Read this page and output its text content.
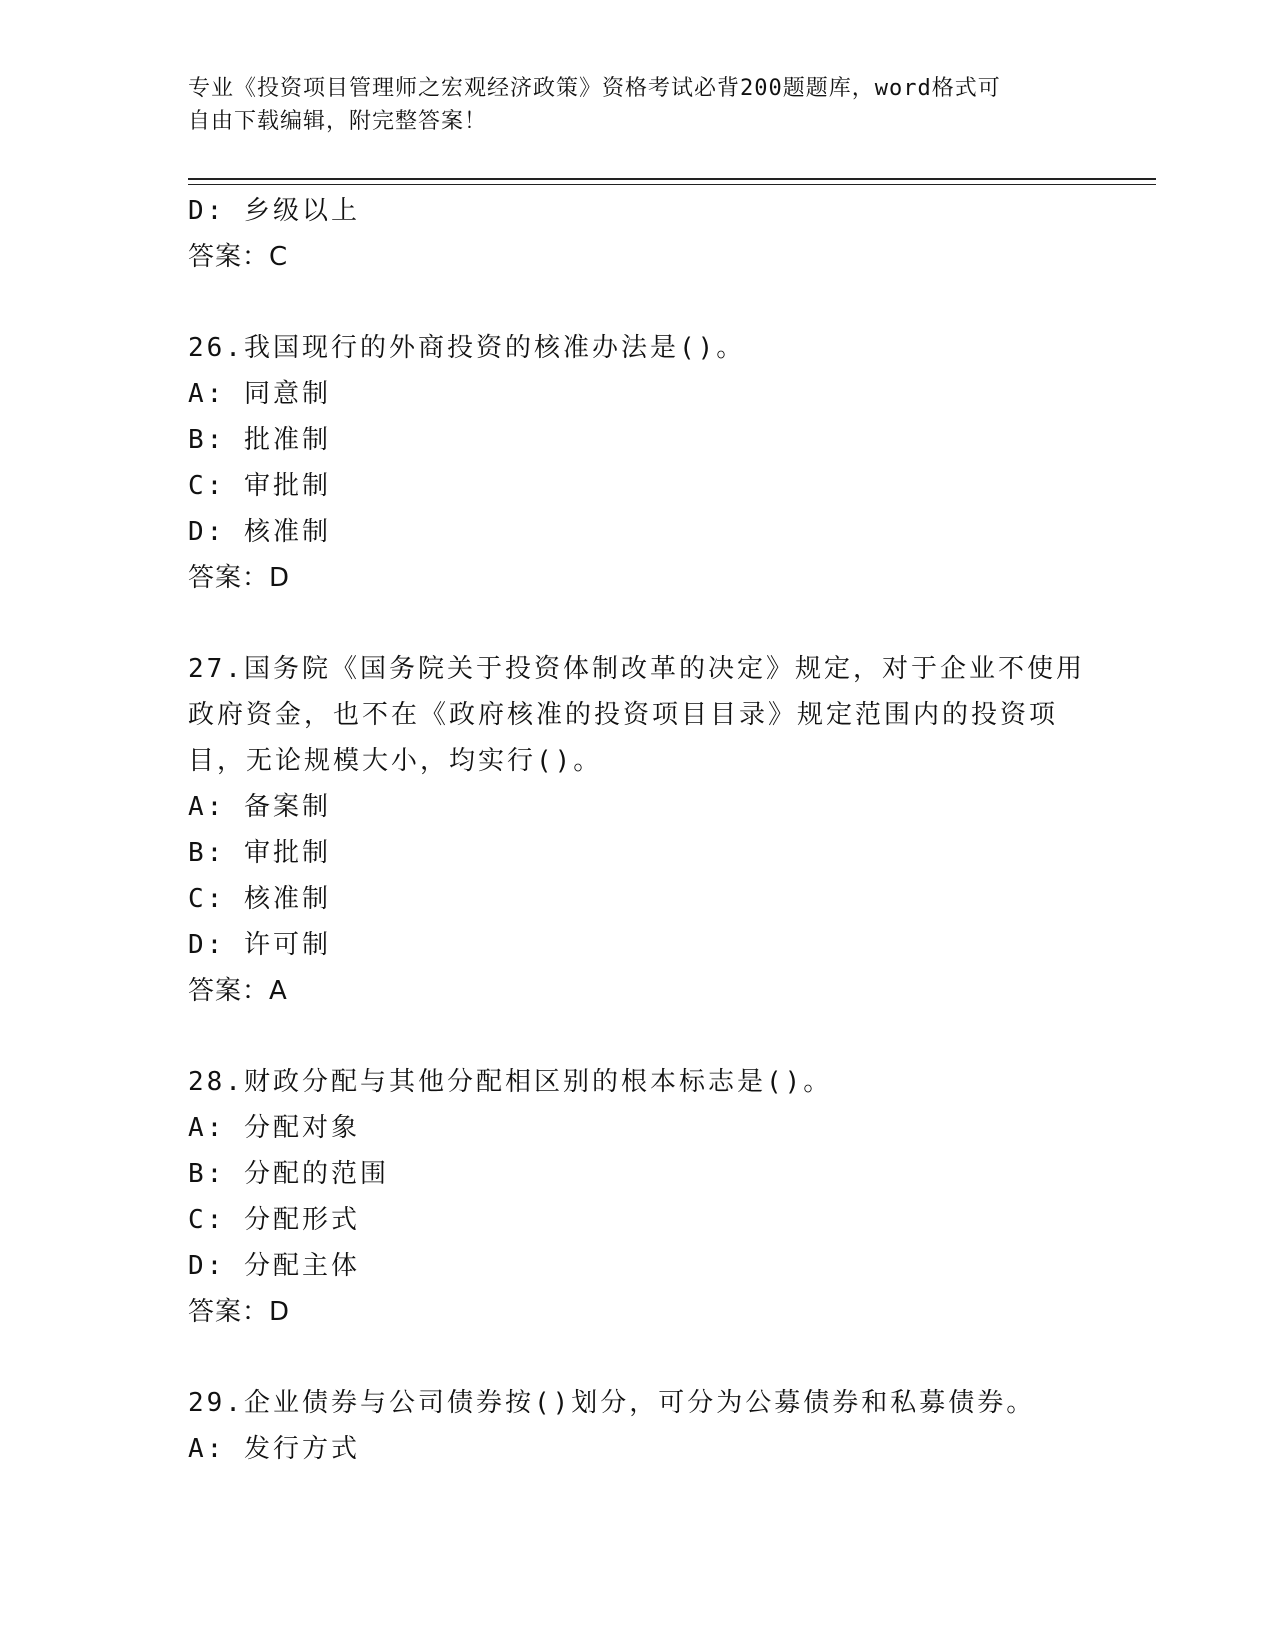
专业《投资项目管理师之宏观经济政策》资格考试必背200题题库，word格式可
自由下载编辑，附完整答案！
D: 乡级以上
答案：C
26.我国现行的外商投资的核准办法是()。
A: 同意制
B: 批准制
C: 审批制
D: 核准制
答案：D
27.国务院《国务院关于投资体制改革的决定》规定，对于企业不使用
政府资金，也不在《政府核准的投资项目目录》规定范围内的投资项
目，无论规模大小，均实行()。
A: 备案制
B: 审批制
C: 核准制
D: 许可制
答案：A
28.财政分配与其他分配相区别的根本标志是()。
A: 分配对象
B: 分配的范围
C: 分配形式
D: 分配主体
答案：D
29.企业债券与公司债券按()划分，可分为公募债券和私募债券。
A: 发行方式
